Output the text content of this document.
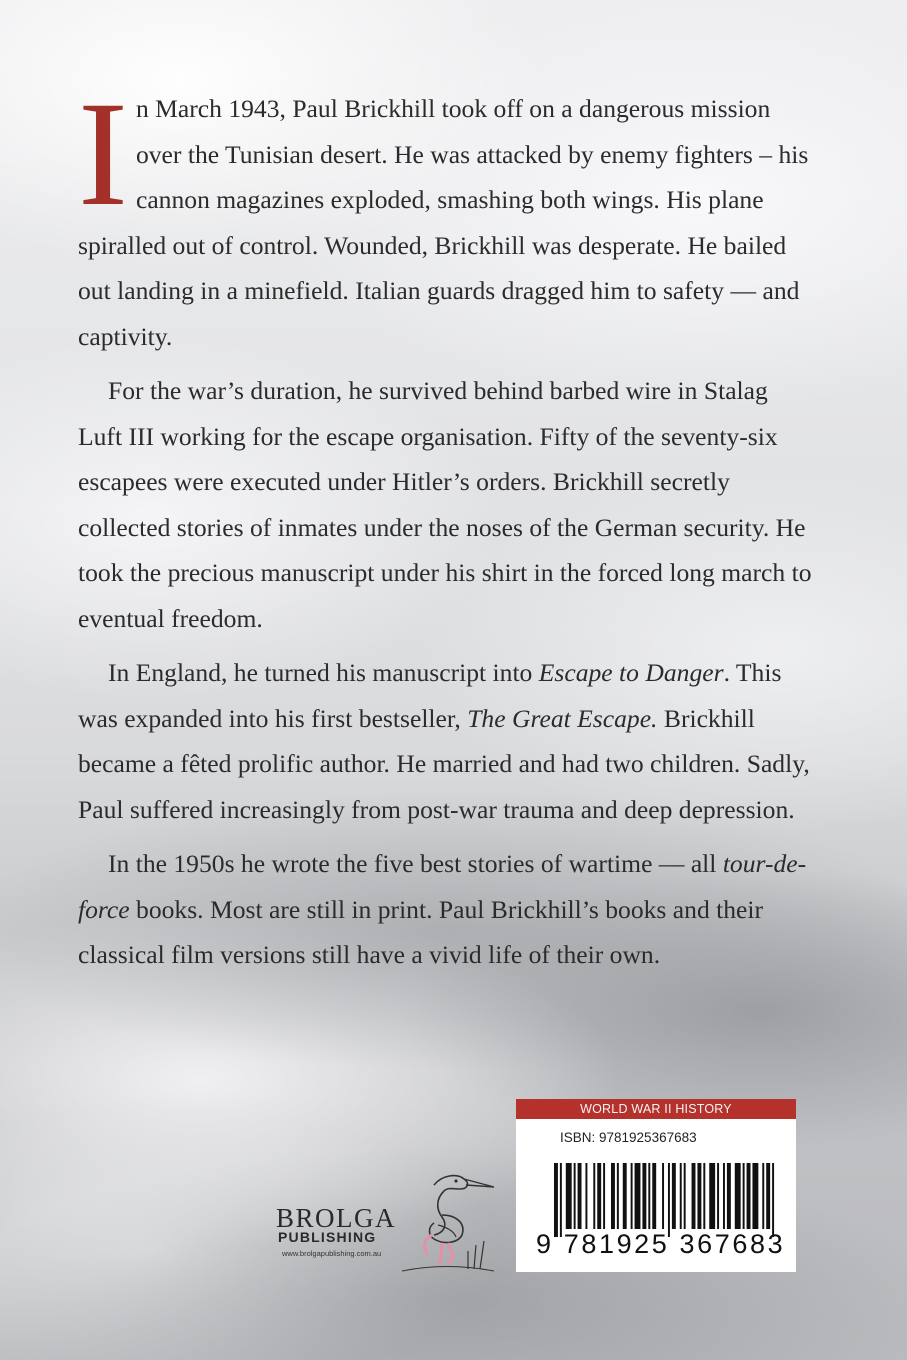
In March 1943, Paul Brickhill took off on a dangerous mission over the Tunisian desert. He was attacked by enemy fighters – his cannon magazines exploded, smashing both wings. His plane spiralled out of control. Wounded, Brickhill was desperate. He bailed out landing in a minefield. Italian guards dragged him to safety — and captivity.

For the war’s duration, he survived behind barbed wire in Stalag Luft III working for the escape organisation. Fifty of the seventy-six escapees were executed under Hitler’s orders. Brickhill secretly collected stories of inmates under the noses of the German security. He took the precious manuscript under his shirt in the forced long march to eventual freedom.

In England, he turned his manuscript into Escape to Danger. This was expanded into his first bestseller, The Great Escape. Brickhill became a fêted prolific author. He married and had two children. Sadly, Paul suffered increasingly from post-war trauma and deep depression.

In the 1950s he wrote the five best stories of wartime — all tour-de-force books. Most are still in print. Paul Brickhill’s books and their classical film versions still have a vivid life of their own.

BROLGA
PUBLISHING
www.brolgapublishing.com.au
WORLD WAR II HISTORY
ISBN: 9781925367683
9 781925 367683
